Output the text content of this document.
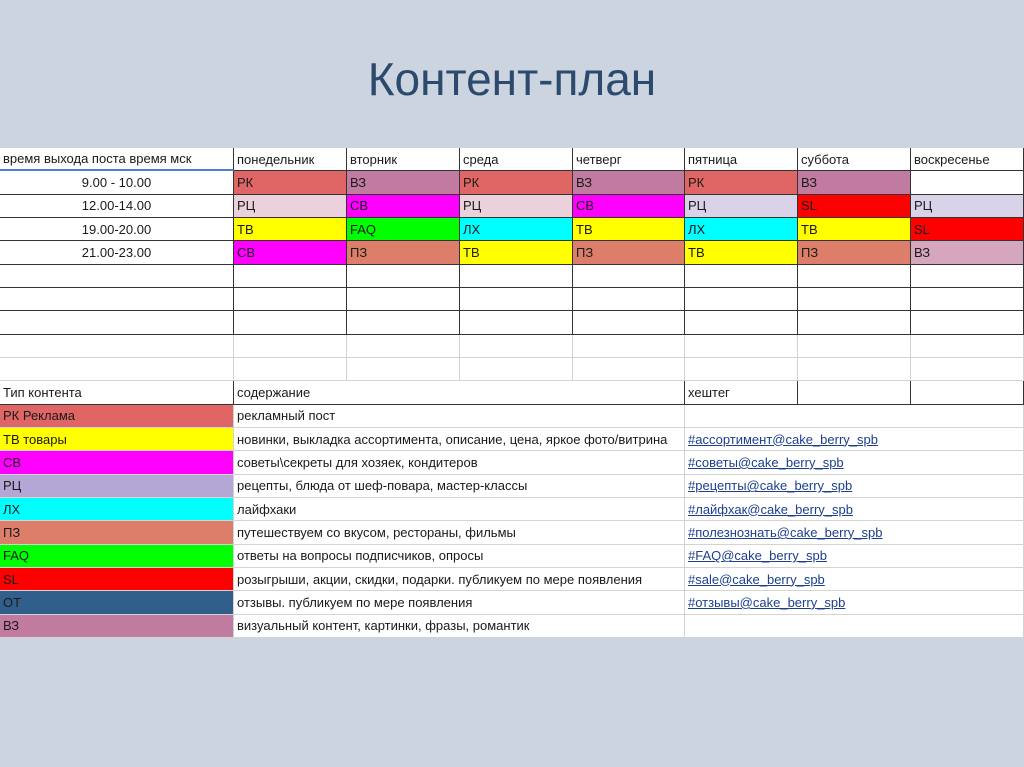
Контент-план
время выхода поста время мск	понедельник	вторник	среда	четверг	пятница	суббота	воскресенье
9.00 - 10.00	РК	ВЗ	РК	ВЗ	РК	ВЗ
12.00-14.00	РЦ	СВ	РЦ	СВ	РЦ	SL	РЦ
19.00-20.00	ТВ	FAQ	ЛХ	ТВ	ЛХ	ТВ	SL
21.00-23.00	СВ	ПЗ	ТВ	ПЗ	ТВ	ПЗ	ВЗ
Тип контента	содержание	хештег
РК Реклама	рекламный пост
ТВ товары	новинки, выкладка ассортимента, описание, цена, яркое фото/витрина	#ассортимент@cake_berry_spb
СВ	советы\секреты для хозяек, кондитеров	#советы@cake_berry_spb
РЦ	рецепты, блюда от шеф-повара, мастер-классы	#рецепты@cake_berry_spb
ЛХ	лайфхаки	#лайфхак@cake_berry_spb
ПЗ	путешествуем со вкусом, рестораны, фильмы	#полезнознать@cake_berry_spb
FAQ	ответы на вопросы подписчиков, опросы	#FAQ@cake_berry_spb
SL	розыгрыши, акции, скидки, подарки. публикуем по мере появления	#sale@cake_berry_spb
ОТ	отзывы. публикуем по мере появления	#отзывы@cake_berry_spb
ВЗ	визуальный контент, картинки, фразы, романтик
